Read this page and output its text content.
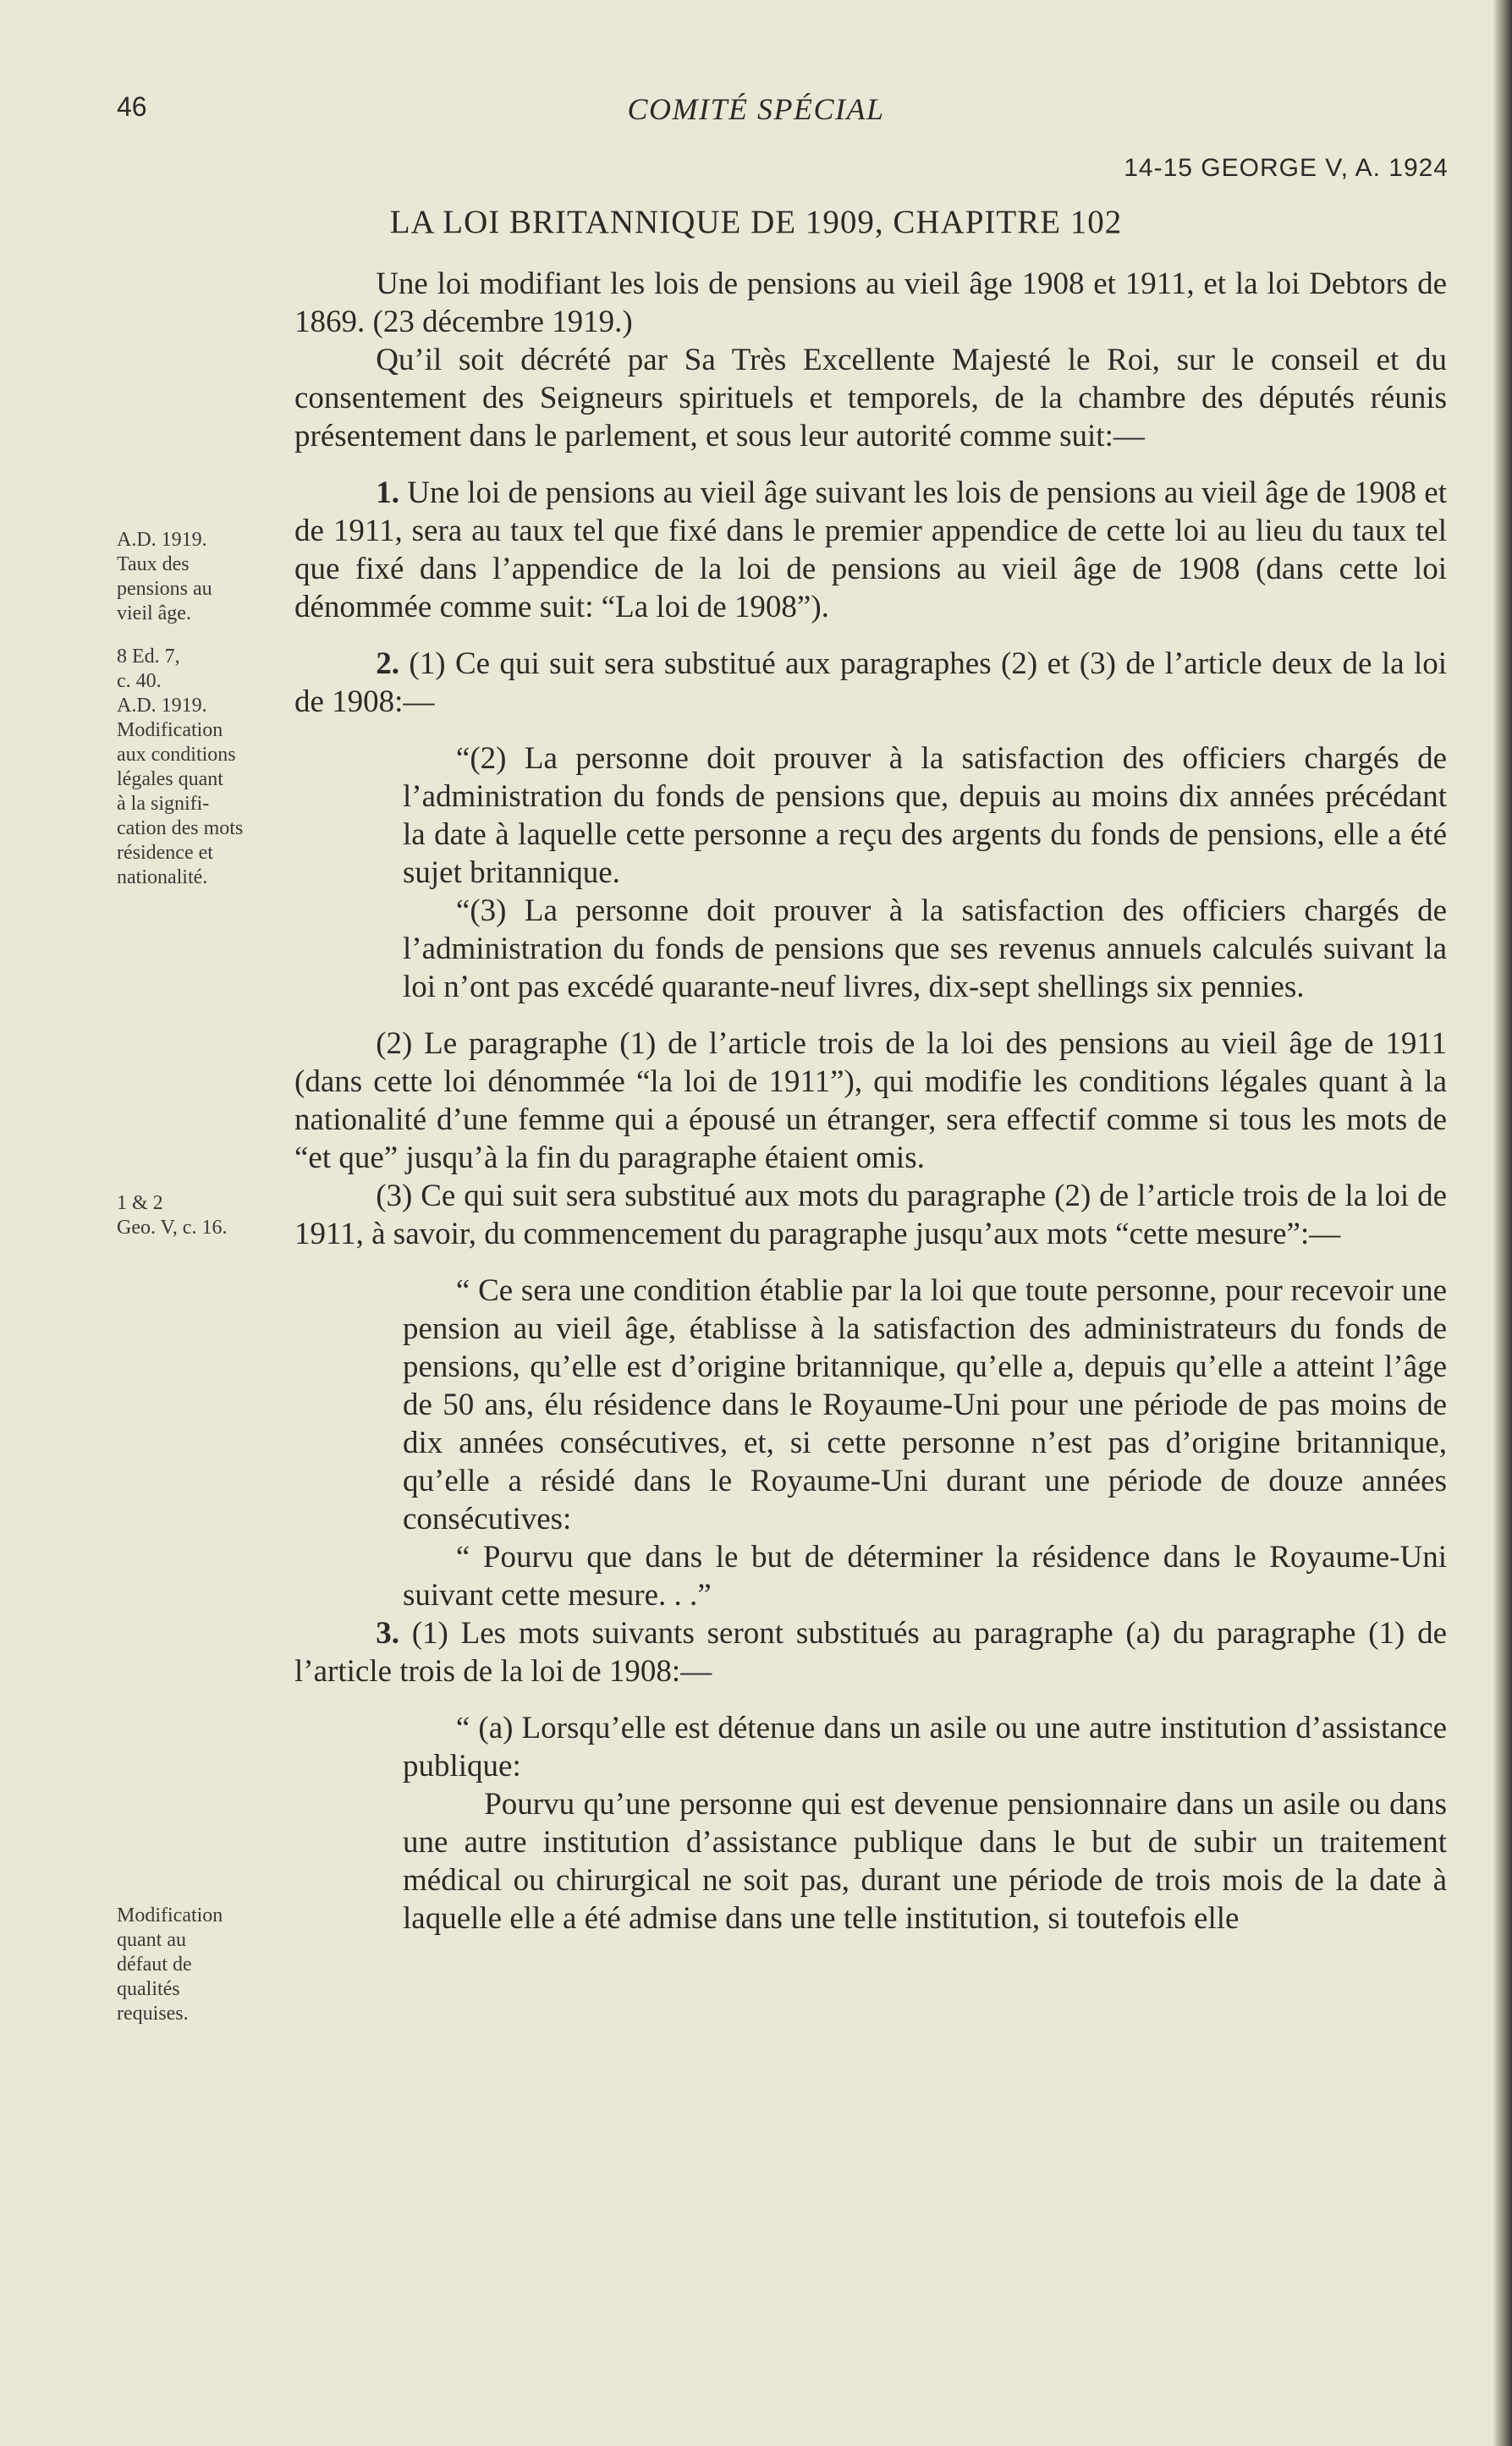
46	COMITÉ SPÉCIAL
14-15 GEORGE V, A. 1924
LA LOI BRITANNIQUE DE 1909, CHAPITRE 102

Une loi modifiant les lois de pensions au vieil âge 1908 et 1911, et la loi Debtors de 1869. (23 décembre 1919.)

Qu’il soit décrété par Sa Très Excellente Majesté le Roi, sur le conseil et du consentement des Seigneurs spirituels et temporels, de la chambre des députés réunis présentement dans le parlement, et sous leur autorité comme suit:—

1. Une loi de pensions au vieil âge suivant les lois de pensions au vieil âge de 1908 et de 1911, sera au taux tel que fixé dans le premier appendice de cette loi au lieu du taux tel que fixé dans l’appendice de la loi de pensions au vieil âge de 1908 (dans cette loi dénommée comme suit: “La loi de 1908”).

2. (1) Ce qui suit sera substitué aux paragraphes (2) et (3) de l’article deux de la loi de 1908:—

“(2) La personne doit prouver à la satisfaction des officiers chargés de l’administration du fonds de pensions que, depuis au moins dix années précédant la date à laquelle cette personne a reçu des argents du fonds de pensions, elle a été sujet britannique.

“(3) La personne doit prouver à la satisfaction des officiers chargés de l’administration du fonds de pensions que ses revenus annuels calculés suivant la loi n’ont pas excédé quarante-neuf livres, dix-sept shellings six pennies.

(2) Le paragraphe (1) de l’article trois de la loi des pensions au vieil âge de 1911 (dans cette loi dénommée “la loi de 1911”), qui modifie les conditions légales quant à la nationalité d’une femme qui a épousé un étranger, sera effectif comme si tous les mots de “et que” jusqu’à la fin du paragraphe étaient omis.

(3) Ce qui suit sera substitué aux mots du paragraphe (2) de l’article trois de la loi de 1911, à savoir, du commencement du paragraphe jusqu’aux mots “cette mesure”:—

“ Ce sera une condition établie par la loi que toute personne, pour recevoir une pension au vieil âge, établisse à la satisfaction des administrateurs du fonds de pensions, qu’elle est d’origine britannique, qu’elle a, depuis qu’elle a atteint l’âge de 50 ans, élu résidence dans le Royaume-Uni pour une période de pas moins de dix années consécutives, et, si cette personne n’est pas d’origine britannique, qu’elle a résidé dans le Royaume-Uni durant une période de douze années consécutives:

“ Pourvu que dans le but de déterminer la résidence dans le Royaume-Uni suivant cette mesure. . .”

3. (1) Les mots suivants seront substitués au paragraphe (a) du paragraphe (1) de l’article trois de la loi de 1908:—

“ (a) Lorsqu’elle est détenue dans un asile ou une autre institution d’assistance publique:

Pourvu qu’une personne qui est devenue pensionnaire dans un asile ou dans une autre institution d’assistance publique dans le but de subir un traitement médical ou chirurgical ne soit pas, durant une période de trois mois de la date à laquelle elle a été admise dans une telle institution, si toutefois elle

A.D. 1919.
Taux des
pensions au
vieil âge.
8 Ed. 7,
c. 40.
A.D. 1919.
Modification
aux conditions
légales quant
à la signifi-
cation des mots
résidence et
nationalité.
1 & 2
Geo. V, c. 16.
Modification
quant au
défaut de
qualités
requises.
